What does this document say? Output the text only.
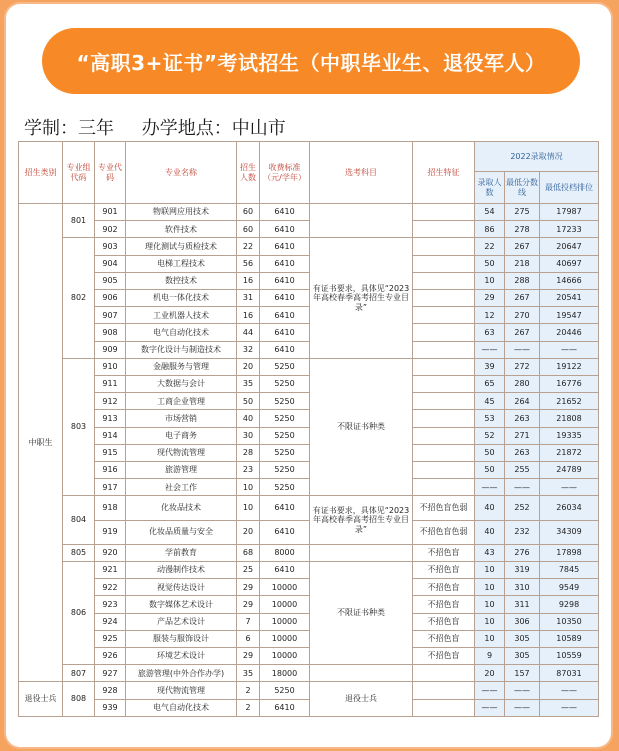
“高职3+证书”考试招生（中职毕业生、退役军人）
学制：三年 办学地点：中山市
招生类别	专业组代码	专业代码	专业名称	招生人数	收费标准（元/学年）	选考科目	招生特征	2022录取情况		
								录取人数	最低分数线	最低投档排位
中职生	801	901	物联网应用技术	60	6410			54	275	17987
		902	软件技术	60	6410			86	278	17233
	802	903	理化测试与质检技术	22	6410	有证书要求，具体见“2023年高校春季高考招生专业目录”		22	267	20647
		904	电梯工程技术	56	6410			50	218	40697
		905	数控技术	16	6410			10	288	14666
		906	机电一体化技术	31	6410			29	267	20541
		907	工业机器人技术	16	6410			12	270	19547
		908	电气自动化技术	44	6410			63	267	20446
		909	数字化设计与制造技术	32	6410			——	——	——
	803	910	金融服务与管理	20	5250	不限证书种类		39	272	19122
		911	大数据与会计	35	5250			65	280	16776
		912	工商企业管理	50	5250			45	264	21652
		913	市场营销	40	5250			53	263	21808
		914	电子商务	30	5250			52	271	19335
		915	现代物流管理	28	5250			50	263	21872
		916	旅游管理	23	5250			50	255	24789
		917	社会工作	10	5250			——	——	——
	804	918	化妆品技术	10	6410	有证书要求，具体见“2023年高校春季高考招生专业目录”	不招色盲色弱	40	252	26034
		919	化妆品质量与安全	20	6410		不招色盲色弱	40	232	34309
	805	920	学前教育	68	8000		不招色盲	43	276	17898
	806	921	动漫制作技术	25	6410	不限证书种类	不招色盲	10	319	7845
		922	视觉传达设计	29	10000		不招色盲	10	310	9549
		923	数字媒体艺术设计	29	10000		不招色盲	10	311	9298
		924	产品艺术设计	7	10000		不招色盲	10	306	10350
		925	服装与服饰设计	6	10000		不招色盲	10	305	10589
		926	环境艺术设计	29	10000		不招色盲	9	305	10559
	807	927	旅游管理(中外合作办学)	35	18000			20	157	87031
退役士兵	808	928	现代物流管理	2	5250	退役士兵		——	——	——
		939	电气自动化技术	2	6410			——	——	——
